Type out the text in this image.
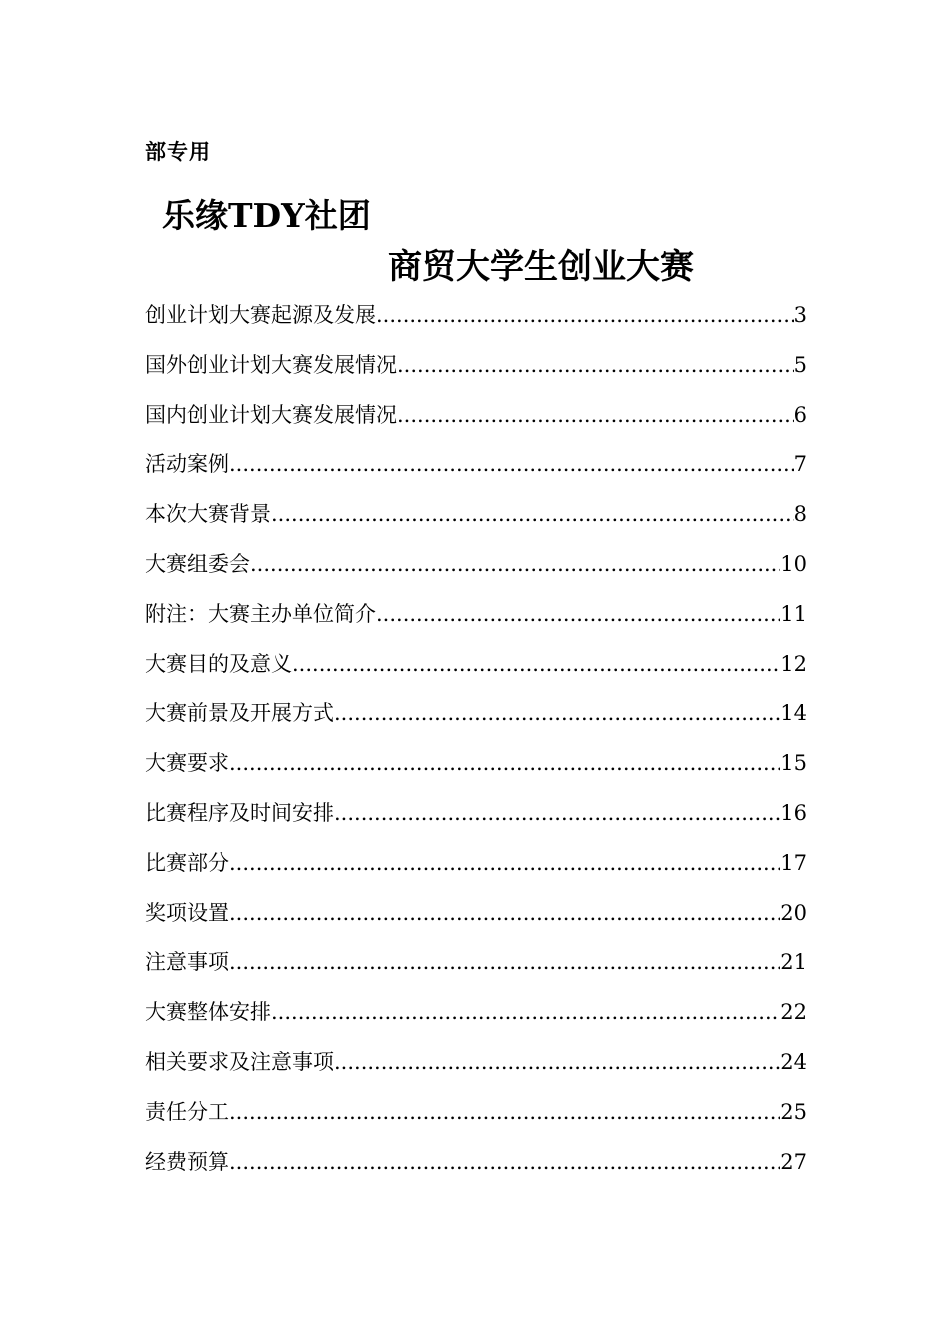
部专用
乐缘TDY社团
商贸大学生创业大赛
创业计划大赛起源及发展 .....	3
国外创业计划大赛发展情况 .....	5
国内创业计划大赛发展情况 .....	6
活动案例 .....	7
本次大赛背景 .....	8
大赛组委会 .....	10
附注：大赛主办单位简介 .....	11
大赛目的及意义 .....	12
大赛前景及开展方式 .....	14
大赛要求 .....	15
比赛程序及时间安排 .....	16
比赛部分 .....	17
奖项设置 .....	20
注意事项 .....	21
大赛整体安排 .....	22
相关要求及注意事项 .....	24
责任分工 .....	25
经费预算 .....	27
